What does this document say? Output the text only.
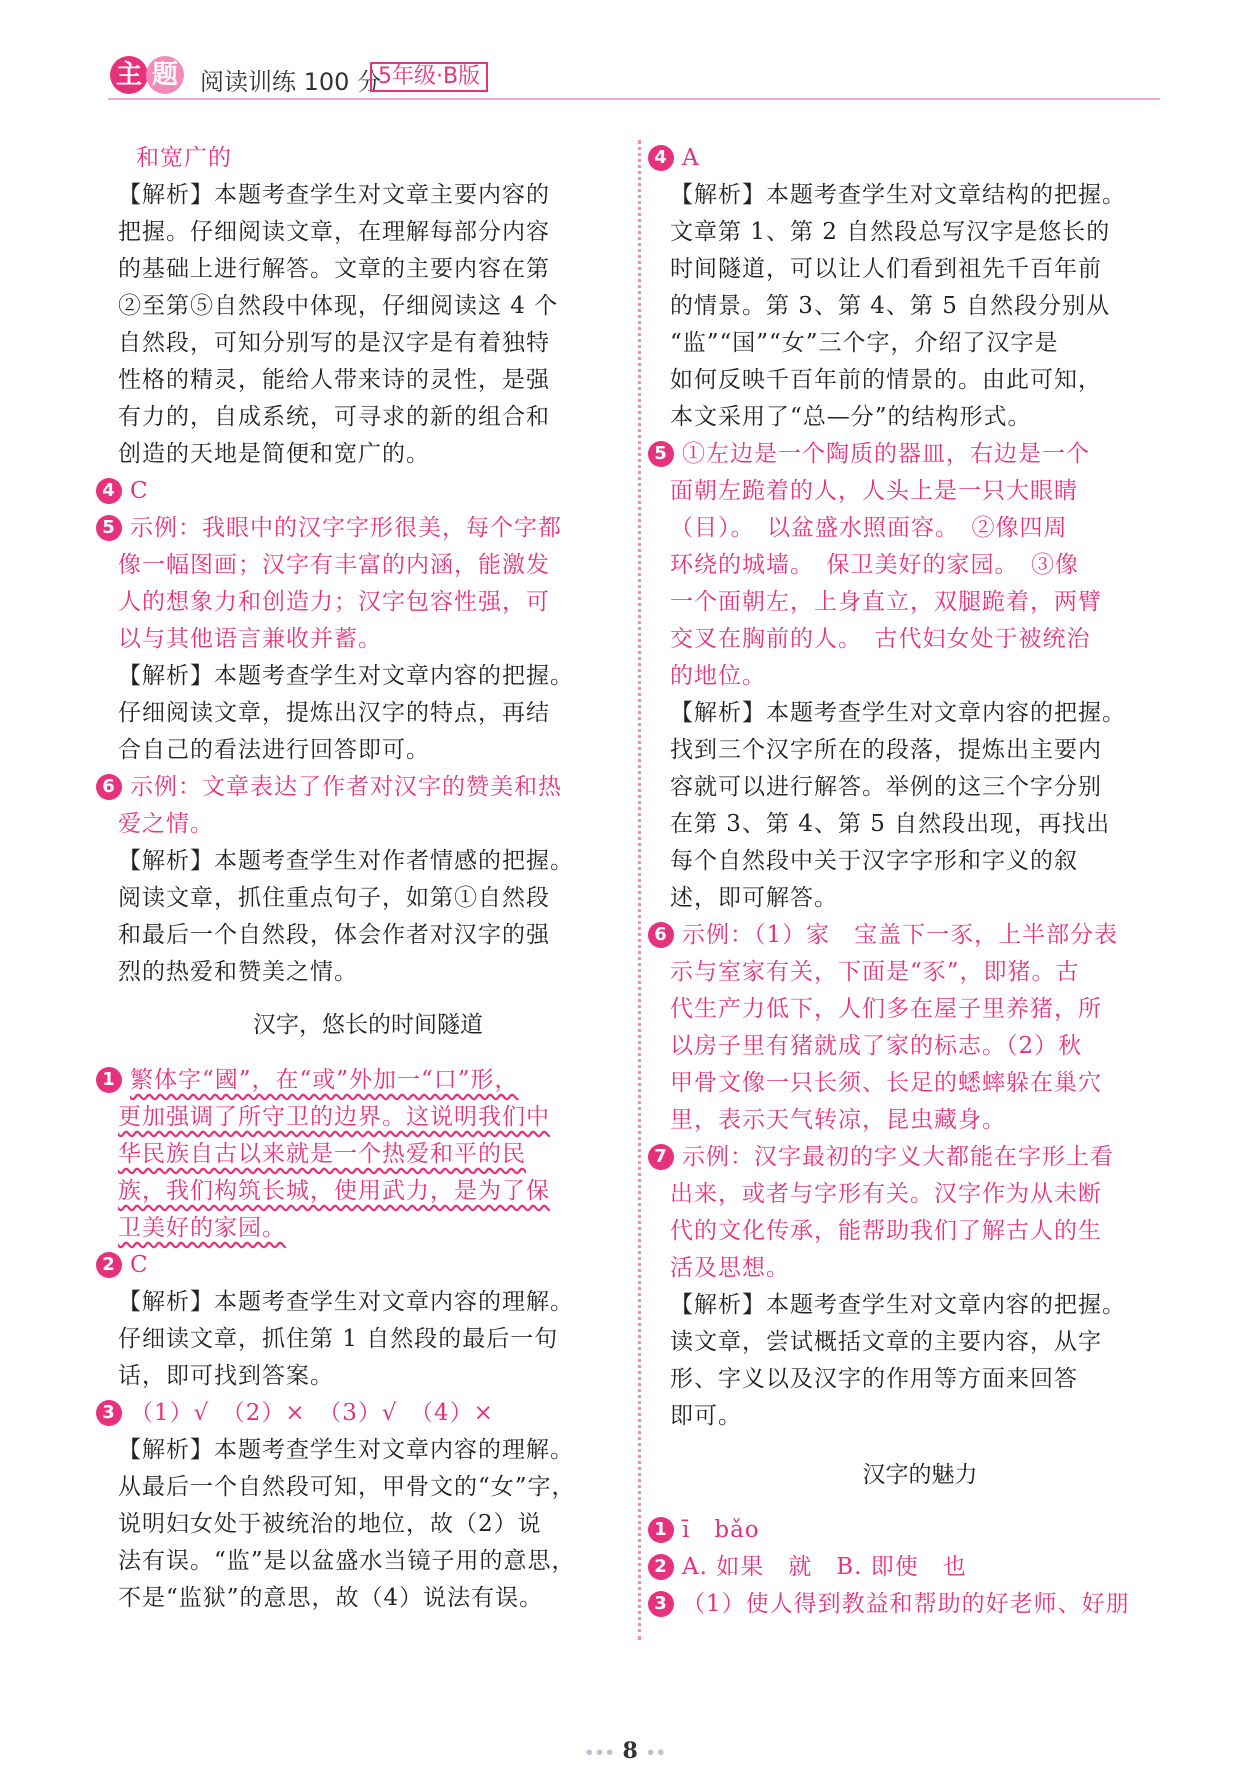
主 题 阅读训练 100 分
5年级·B版
和宽广的
【解析】本题考查学生对文章主要内容的
把握。仔细阅读文章，在理解每部分内容
的基础上进行解答。文章的主要内容在第
②至第⑤自然段中体现，仔细阅读这 4 个
自然段，可知分别写的是汉字是有着独特
性格的精灵，能给人带来诗的灵性，是强
有力的，自成系统，可寻求的新的组合和
创造的天地是简便和宽广的。
4 C
5 示例：我眼中的汉字字形很美，每个字都
像一幅图画；汉字有丰富的内涵，能激发
人的想象力和创造力；汉字包容性强，可
以与其他语言兼收并蓄。
【解析】本题考查学生对文章内容的把握。
仔细阅读文章，提炼出汉字的特点，再结
合自己的看法进行回答即可。
6 示例：文章表达了作者对汉字的赞美和热
爱之情。
【解析】本题考查学生对作者情感的把握。
阅读文章，抓住重点句子，如第①自然段
和最后一个自然段，体会作者对汉字的强
烈的热爱和赞美之情。
汉字，悠长的时间隧道
1 繁体字“國”，在“或”外加一“口”形，
更加强调了所守卫的边界。这说明我们中
华民族自古以来就是一个热爱和平的民
族，我们构筑长城，使用武力，是为了保
卫美好的家园。
2 C
【解析】本题考查学生对文章内容的理解。
仔细读文章，抓住第 1 自然段的最后一句
话，即可找到答案。
3 （1）√　（2）×　（3）√　（4）×
【解析】本题考查学生对文章内容的理解。
从最后一个自然段可知，甲骨文的“女”字，
说明妇女处于被统治的地位，故（2）说
法有误。“监”是以盆盛水当镜子用的意思，
不是“监狱”的意思，故（4）说法有误。
4 A
【解析】本题考查学生对文章结构的把握。
文章第 1、第 2 自然段总写汉字是悠长的
时间隧道，可以让人们看到祖先千百年前
的情景。第 3、第 4、第 5 自然段分别从
“监”“国”“女”三个字，介绍了汉字是
如何反映千百年前的情景的。由此可知，
本文采用了“总—分”的结构形式。
5 ①左边是一个陶质的器皿，右边是一个
面朝左跪着的人，人头上是一只大眼睛
（目）。　以盆盛水照面容。　②像四周
环绕的城墙。　保卫美好的家园。　③像
一个面朝左，上身直立，双腿跪着，两臂
交叉在胸前的人。　古代妇女处于被统治
的地位。
【解析】本题考查学生对文章内容的把握。
找到三个汉字所在的段落，提炼出主要内
容就可以进行解答。举例的这三个字分别
在第 3、第 4、第 5 自然段出现，再找出
每个自然段中关于汉字字形和字义的叙
述，即可解答。
6 示例：（1）家　宝盖下一豕，上半部分表
示与室家有关，下面是“豕”，即猪。古
代生产力低下，人们多在屋子里养猪，所
以房子里有猪就成了家的标志。（2）秋
甲骨文像一只长须、长足的蟋蟀躲在巢穴
里，表示天气转凉，昆虫藏身。
7 示例：汉字最初的字义大都能在字形上看
出来，或者与字形有关。汉字作为从未断
代的文化传承，能帮助我们了解古人的生
活及思想。
【解析】本题考查学生对文章内容的把握。
读文章，尝试概括文章的主要内容，从字
形、字义以及汉字的作用等方面来回答
即可。
汉字的魅力
1 ī　bǎo
2 A. 如果　就　B. 即使　也
3 （1）使人得到教益和帮助的好老师、好朋
••• 8 ••
